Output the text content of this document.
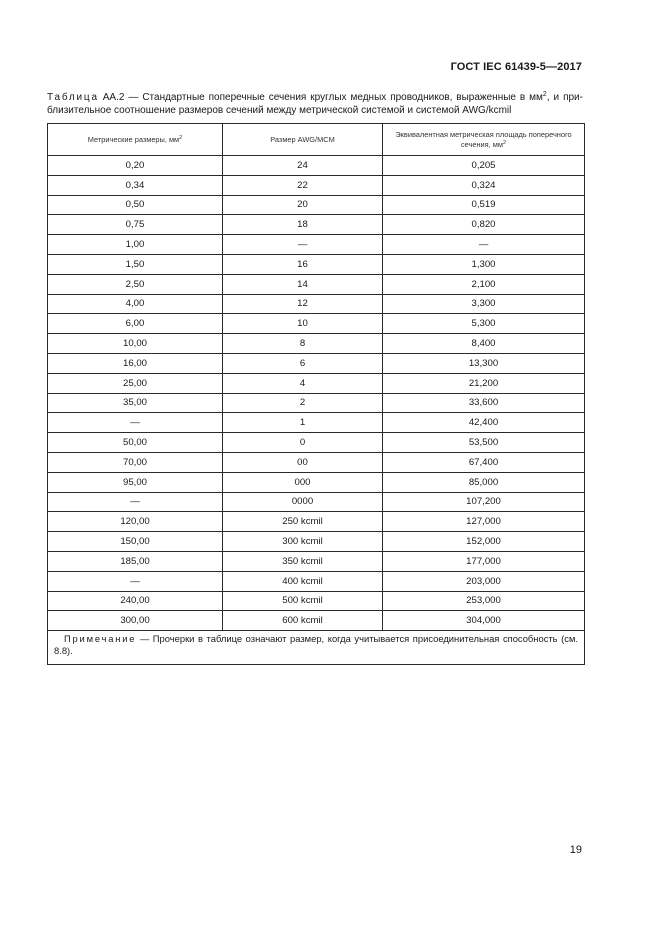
ГОСТ IEC 61439-5—2017
Таблица АА.2 — Стандартные поперечные сечения круглых медных проводников, выраженные в $мм^2$, и приблизительное соотношение размеров сечений между метрической системой и системой AWG/kcmil
Метрические размеры, $мм^2$	Размер AWG/MCM	Эквивалентная метрическая площадь поперечного сечения, $мм^2$
0,20	24	0,205
0,34	22	0,324
0,50	20	0,519
0,75	18	0,820
1,00	—	—
1,50	16	1,300
2,50	14	2,100
4,00	12	3,300
6,00	10	5,300
10,00	8	8,400
16,00	6	13,300
25,00	4	21,200
35,00	2	33,600
—	1	42,400
50,00	0	53,500
70,00	00	67,400
95,00	000	85,000
—	0000	107,200
120,00	250 kcmil	127,000
150,00	300 kcmil	152,000
185,00	350 kcmil	177,000
—	400 kcmil	203,000
240,00	500 kcmil	253,000
300,00	600 kcmil	304,000
Примечание — Прочерки в таблице означают размер, когда учитывается присоединительная способность (см. 8.8).		
19
